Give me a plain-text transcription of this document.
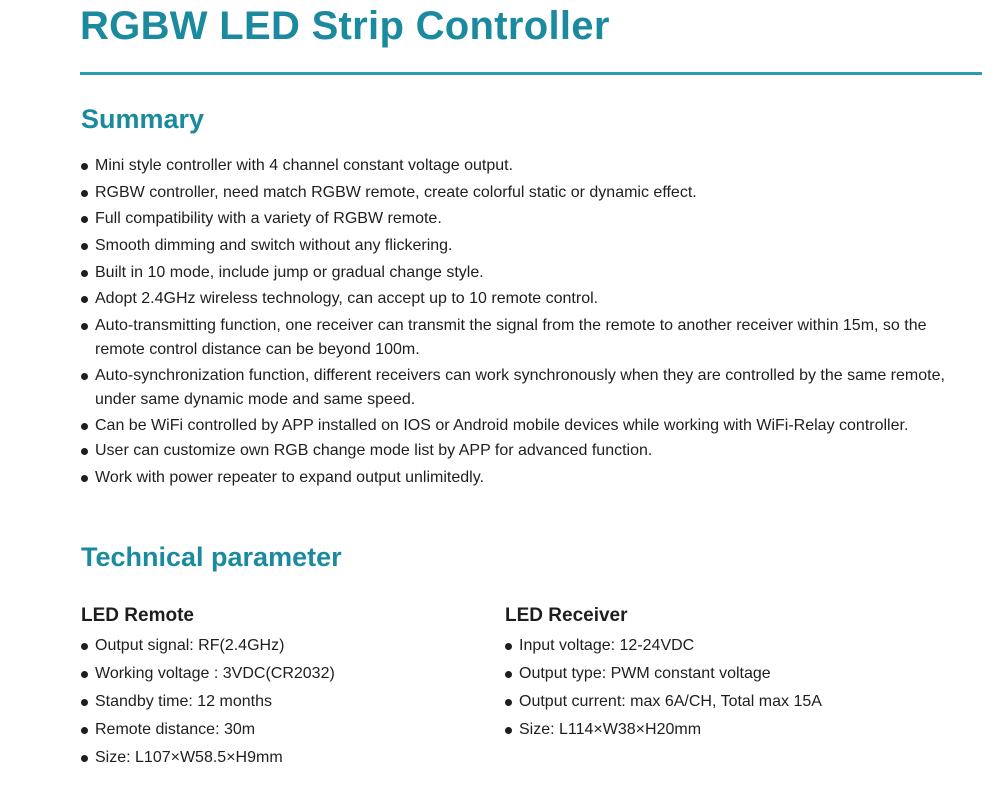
RGBW LED Strip Controller
Summary
Mini style controller with 4 channel constant voltage output.
RGBW controller, need match RGBW remote, create colorful static or dynamic effect.
Full compatibility with a variety of RGBW remote.
Smooth dimming and switch without any flickering.
Built in 10 mode, include jump or gradual change style.
Adopt 2.4GHz wireless technology, can accept up to 10 remote control.
Auto-transmitting function, one receiver can transmit the signal from the remote to another receiver within 15m, so the remote control distance can be beyond 100m.
Auto-synchronization function, different receivers can work synchronously when they are controlled by the same remote, under same dynamic mode and same speed.
Can be WiFi controlled by APP installed on IOS or Android mobile devices while working with WiFi-Relay controller.
User can customize own RGB change mode list by APP for advanced function.
Work with power repeater to expand output unlimitedly.
Technical parameter
LED Remote
Output signal: RF(2.4GHz)
Working voltage : 3VDC(CR2032)
Standby time: 12 months
Remote distance: 30m
Size: L107×W58.5×H9mm
LED Receiver
Input voltage: 12-24VDC
Output type: PWM constant voltage
Output current: max 6A/CH, Total max 15A
Size: L114×W38×H20mm
